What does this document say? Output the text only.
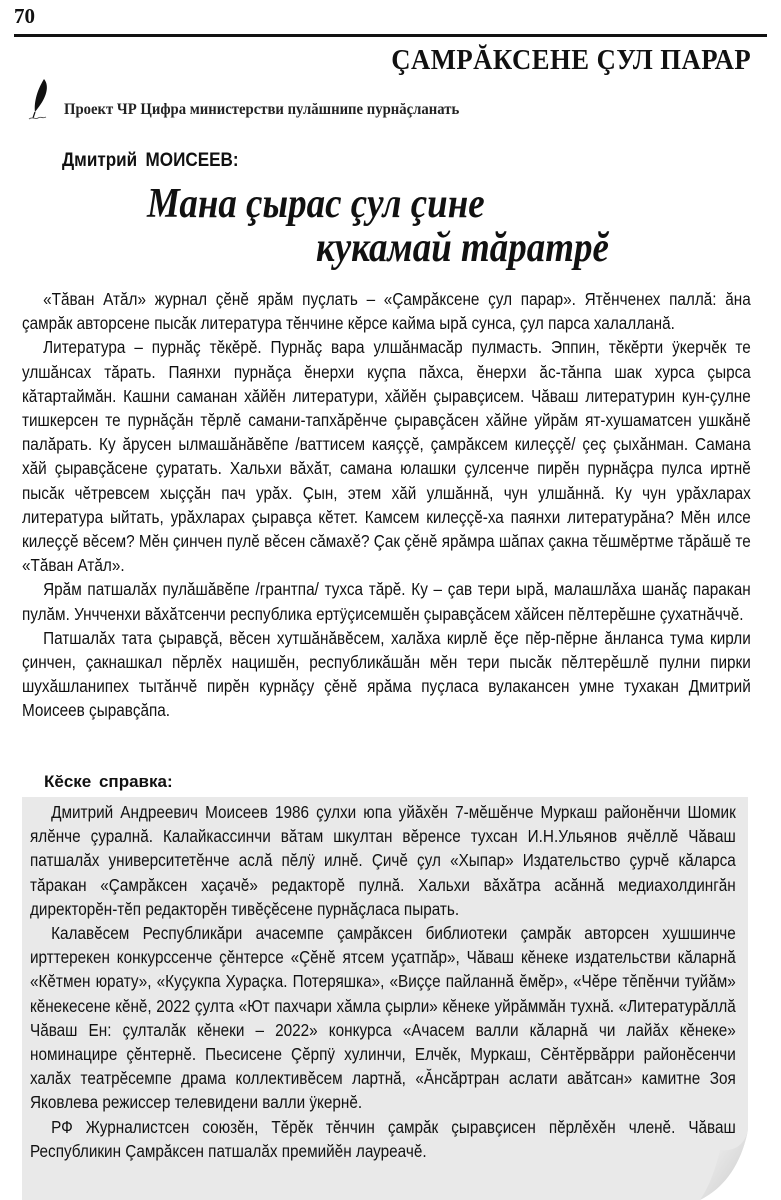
70
ÇАМРĂКСЕНЕ ÇУЛ ПАРАР
Проект ЧР Цифра министерстви пулăшнипе пурнăçланать
Дмитрий МОИСЕЕВ:
Мана çырас çул çине
кукамай тăратрĕ

«Тăван Атăл» журнал çĕнĕ ярăм пуçлать – «Çамрăксене çул парар». Ятĕнченех паллă: ăна çамрăк авторсене пысăк литература тĕнчине кĕрсе кайма ырă сунса, çул парса халалланă.

Литература – пурнăç тĕкĕрĕ. Пурнăç вара улшăнмасăр пулмасть. Эппин, тĕкĕрти ÿкерчĕк те улшăнсах тăрать. Паянхи пурнăçа ĕнерхи куçпа пăхса, ĕнерхи ăс-тăнпа шак хурса çырса кăтартаймăн. Кашни саманан хăйĕн литератури, хăйĕн çыравçисем. Чăваш литературин кун-çулне тишкерсен те пурнăçăн тĕрлĕ самани-тапхăрĕнче çыравçăсен хăйне уйрăм ят-хушаматсен ушкăнĕ палăрать. Ку ăрусен ылмашăнăвĕпе /ваттисем каяççĕ, çамрăксем килеççĕ/ çеç çыхăнман. Самана хăй çыравçăсене çуратать. Хальхи вăхăт, самана юлашки çулсенче пирĕн пурнăçра пулса иртнĕ пысăк чĕтревсем хыççăн пач урăх. Çын, этем хăй улшăннă, чун улшăннă. Ку чун урăхларах литература ыйтать, урăхларах çыравça кĕтет. Камсем килеççĕ-ха паянхи литературăна? Мĕн илсе килеççĕ вĕсем? Мĕн çинчен пулĕ вĕсен сăмахĕ? Çак çĕнĕ ярăмра шăпах çакна тĕшмĕртме тăрăшĕ те «Тăван Атăл».

Ярăм патшалăх пулăшăвĕпе /грантпа/ тухса тăрĕ. Ку – çав тери ырă, малашлăха шанăç паракан пулăм. Унчченхи вăхăтсенчи республика ертÿçисемшĕн çыравçăсем хăйсен пĕлтерĕшне çухатнăччĕ.

Патшалăх тата çыравçă, вĕсен хутшăнăвĕсем, халăха кирлĕ ĕçе пĕр-пĕрне ăнланса тума кирли çинчен, çакнашкал пĕрлĕх нацишĕн, республикăшăн мĕн тери пысăк пĕлтерĕшлĕ пулни пирки шухăшланипех тытăнчĕ пирĕн курнăçу çĕнĕ ярăма пуçласа вулакансен умне тухакан Дмитрий Моисеев çыравçăпа.

Кĕске справка:

Дмитрий Андреевич Моисеев 1986 çулхи юпа уйăхĕн 7-мĕшĕнче Муркаш районĕнчи Шомик ялĕнче çуралнă. Калайкассинчи вăтам шкултан вĕренсе тухсан И.Н.Ульянов ячĕллĕ Чăваш патшалăх университетĕнче аслă пĕлÿ илнĕ. Çичĕ çул «Хыпар» Издательство çурчĕ кăларса тăракан «Çамрăксен хаçачĕ» редакторĕ пулнă. Хальхи вăхăтра асăннă медиахолдингăн директорĕн-тĕп редакторĕн тивĕçĕсене пурнăçласа пырать.

Калавĕсем Республикăри ачасемпе çамрăксен библиотеки çамрăк авторсен хушшинче ирттерекен конкурссенче çĕнтерсе «Çĕнĕ ятсем уçатпăр», Чăваш кĕнеке издательстви кăларнă «Кĕтмен юрату», «Куçукпа Хураçка. Потеряшка», «Виççе пайланнă ĕмĕр», «Чĕре тĕпĕнчи туйăм» кĕнекесене кĕнĕ, 2022 çулта «Ют пахчари хăмла çырли» кĕнеке уйрăммăн тухнă. «Литературăллă Чăваш Ен: çулталăк кĕнеки – 2022» конкурса «Ачасем валли кăларнă чи лайăх кĕнеке» номинацире çĕнтернĕ. Пьесисене Çĕрпÿ хулинчи, Елчĕк, Муркаш, Сĕнтĕрвăрри районĕсенчи халăх театрĕсемпе драма коллективĕсем лартнă, «Ăнсăртран аслати авăтсан» камитне Зоя Яковлева режиссер телевидени валли ÿкернĕ.

РФ Журналистсен союзĕн, Тĕрĕк тĕнчин çамрăк çыравçисен пĕрлĕхĕн членĕ. Чăваш Республикин Çамрăксен патшалăх премийĕн лауреачĕ.
